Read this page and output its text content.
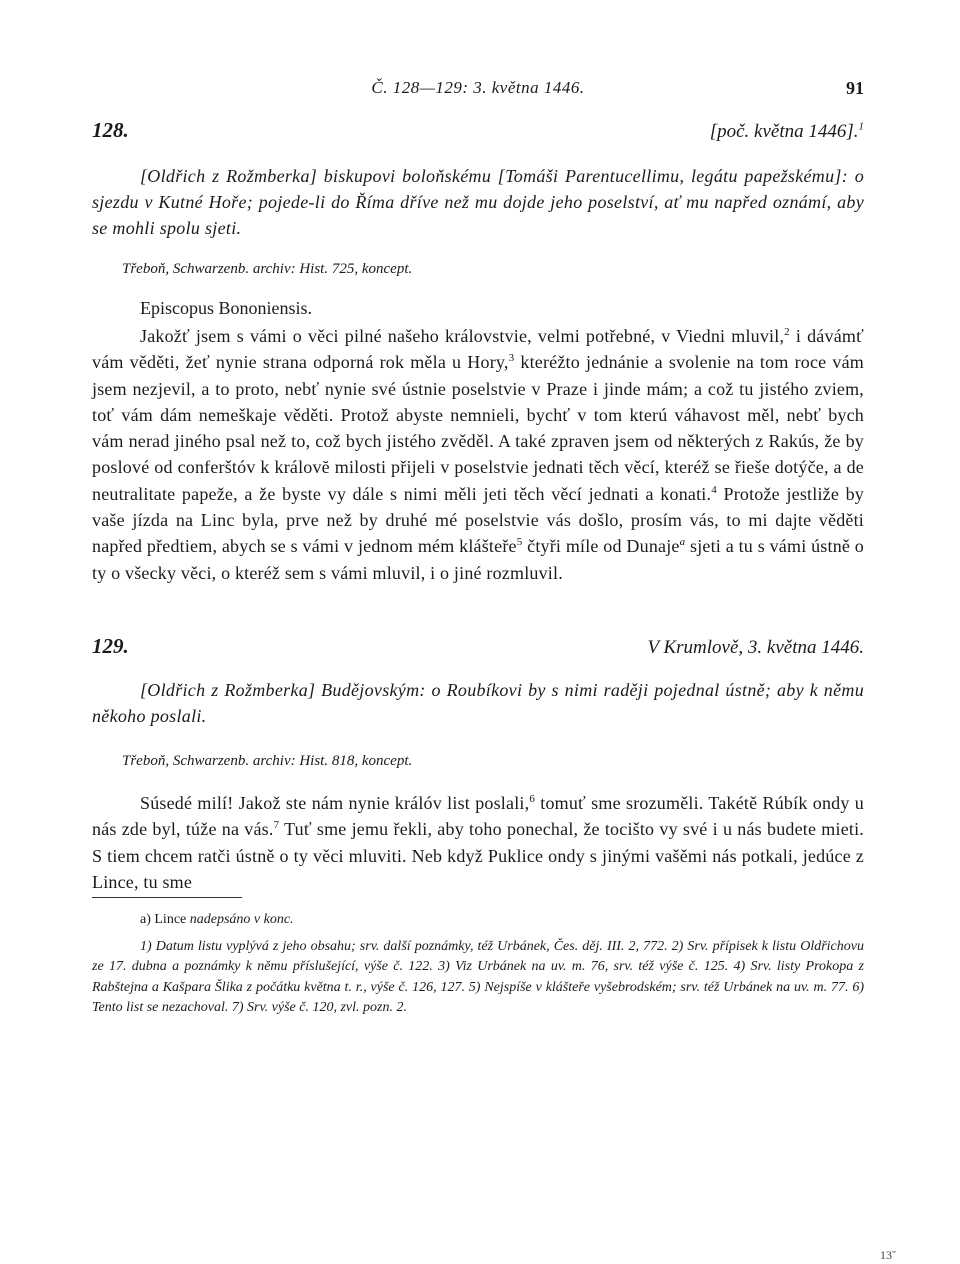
Č. 128—129: 3. května 1446.	91
128.	[poč. května 1446].$^1$

[Oldřich z Rožmberka] biskupovi boloňskému [Tomáši Parentucellimu, legátu papežskému]: o sjezdu v Kutné Hoře; pojede-li do Říma dříve než mu dojde jeho poselství, ať mu napřed oznámí, aby se mohli spolu sjeti.

Třeboň, Schwarzenb. archiv: Hist. 725, koncept.

Episcopus Bononiensis.

Jakožť jsem s vámi o věci pilné našeho královstvie, velmi potřebné, v Viedni mluvil,$^2$ i dávámť vám věděti, žeť nynie strana odporná rok měla u Hory,$^3$ kteréžto jednánie a svolenie na tom roce vám jsem nezjevil, a to proto, nebť nynie své ústnie poselstvie v Praze i jinde mám; a což tu jistého zviem, toť vám dám nemeškaje věděti. Protož abyste nemnieli, bychť v tom kterú váhavost měl, nebť bych vám nerad jiného psal než to, což bych jistého zvěděl. A také zpraven jsem od některých z Rakús, že by poslové od conferštóv k královĕ milosti přijeli v poselstvie jednati těch věcí, kteréž se řieše dotýče, a de neutralitate papeže, a že byste vy dále s nimi měli jeti těch věcí jednati a konati.$^4$ Protože jestliže by vaše jízda na Linc byla, prve než by druhé mé poselstvie vás došlo, prosím vás, to mi dajte věděti napřed předtiem, abych se s vámi v jednom mém klášteře$^5$ čtyři míle od Dunaje$^a$ sjeti a tu s vámi ústně o ty o všecky věci, o kteréž sem s vámi mluvil, i o jiné rozmluvil.

129.	V Krumlově, 3. května 1446.

[Oldřich z Rožmberka] Budějovským: o Roubíkovi by s nimi raději pojednal ústně; aby k němu někoho poslali.

Třeboň, Schwarzenb. archiv: Hist. 818, koncept.

Súsedé milí! Jakož ste nám nynie králóv list poslali,$^6$ tomuť sme srozuměli. Takétě Rúbík ondy u nás zde byl, túže na vás.$^7$ Tuť sme jemu řekli, aby toho ponechal, že tocišto vy své i u nás budete mieti. S tiem chcem ratči ústně o ty věci mluviti. Neb když Puklice ondy s jinými vašěmi nás potkali, jedúce z Lince, tu sme

a) Lince nadepsáno v konc.

1) Datum listu vyplývá z jeho obsahu; srv. další poznámky, též Urbánek, Čes. děj. III. 2, 772. 2) Srv. přípisek k listu Oldřichovu ze 17. dubna a poznámky k němu příslušející, výše č. 122. 3) Viz Urbánek na uv. m. 76, srv. též výše č. 125. 4) Srv. listy Prokopa z Rabštejna a Kašpara Šlika z počátku května t. r., výše č. 126, 127. 5) Nejspíše v klášteře vyšebrodském; srv. též Urbánek na uv. m. 77. 6) Tento list se nezachoval. 7) Srv. výše č. 120, zvl. pozn. 2.

13˘
